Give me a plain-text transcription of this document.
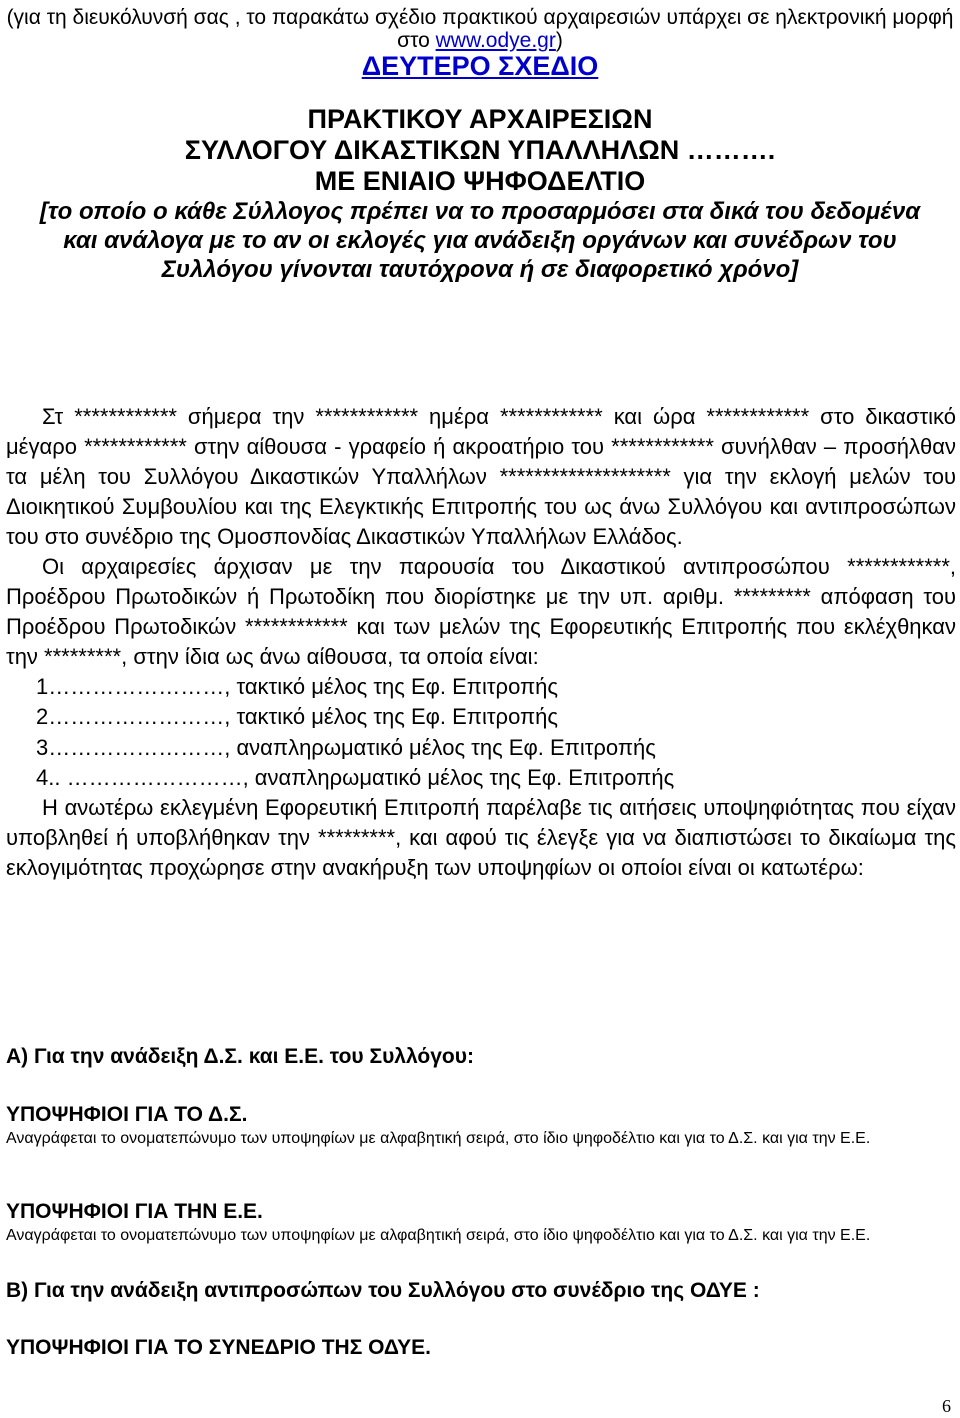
(για τη διευκόλυνσή σας , το παρακάτω σχέδιο πρακτικού αρχαιρεσιών υπάρχει σε ηλεκτρονική μορφή
στο www.odye.gr)
ΔΕΥΤΕΡΟ ΣΧΕΔΙΟ
ΠΡΑΚΤΙΚΟΥ ΑΡΧΑΙΡΕΣΙΩΝ
ΣΥΛΛΟΓΟΥ ΔΙΚΑΣΤΙΚΩΝ ΥΠΑΛΛΗΛΩΝ ……….
ΜΕ ΕΝΙΑΙΟ ΨΗΦΟΔΕΛΤΙΟ
[το οποίο ο κάθε Σύλλογος πρέπει να το προσαρμόσει στα δικά του δεδομένα και ανάλογα με το αν οι εκλογές για ανάδειξη οργάνων και συνέδρων του Συλλόγου γίνονται ταυτόχρονα ή σε διαφορετικό χρόνο]

Στ ************ σήμερα την ************ ημέρα ************ και ώρα ************ στο δικαστικό μέγαρο ************ στην αίθουσα - γραφείο ή ακροατήριο του ************ συνήλθαν – προσήλθαν τα μέλη του Συλλόγου Δικαστικών Υπαλλήλων ******************** για την εκλογή μελών του Διοικητικού Συμβουλίου και της Ελεγκτικής Επιτροπής του ως άνω Συλλόγου και αντιπροσώπων του στο συνέδριο της Ομοσπονδίας Δικαστικών Υπαλλήλων Ελλάδος.

Οι αρχαιρεσίες άρχισαν με την παρουσία του Δικαστικού αντιπροσώπου ************, Προέδρου Πρωτοδικών ή Πρωτοδίκη που διορίστηκε με την υπ. αριθμ. ********* απόφαση του Προέδρου Πρωτοδικών ************ και των μελών της Εφορευτικής Επιτροπής που εκλέχθηκαν την *********, στην ίδια ως άνω αίθουσα, τα οποία είναι:

1……………………, τακτικό μέλος της Εφ. Επιτροπής
2……………………, τακτικό μέλος της Εφ. Επιτροπής
3……………………, αναπληρωματικό μέλος της Εφ. Επιτροπής
4.. ……………………, αναπληρωματικό μέλος της Εφ. Επιτροπής

Η ανωτέρω εκλεγμένη Εφορευτική Επιτροπή παρέλαβε τις αιτήσεις υποψηφιότητας που είχαν υποβληθεί ή υποβλήθηκαν την *********, και αφού τις έλεγξε για να διαπιστώσει το δικαίωμα της εκλογιμότητας προχώρησε στην ανακήρυξη των υποψηφίων οι οποίοι είναι οι κατωτέρω:

Α) Για την ανάδειξη Δ.Σ. και Ε.Ε. του Συλλόγου:
ΥΠΟΨΗΦΙΟΙ ΓΙΑ ΤΟ Δ.Σ.
Αναγράφεται το ονοματεπώνυμο των υποψηφίων με αλφαβητική σειρά, στο ίδιο ψηφοδέλτιο και για το Δ.Σ. και για την Ε.Ε.
ΥΠΟΨΗΦΙΟΙ ΓΙΑ ΤΗΝ Ε.Ε.
Αναγράφεται το ονοματεπώνυμο των υποψηφίων με αλφαβητική σειρά, στο ίδιο ψηφοδέλτιο και για το Δ.Σ. και για την Ε.Ε.
Β) Για την ανάδειξη αντιπροσώπων του Συλλόγου στο συνέδριο της ΟΔΥΕ :
ΥΠΟΨΗΦΙΟΙ ΓΙΑ ΤΟ ΣΥΝΕΔΡΙΟ ΤΗΣ ΟΔΥΕ.
6
